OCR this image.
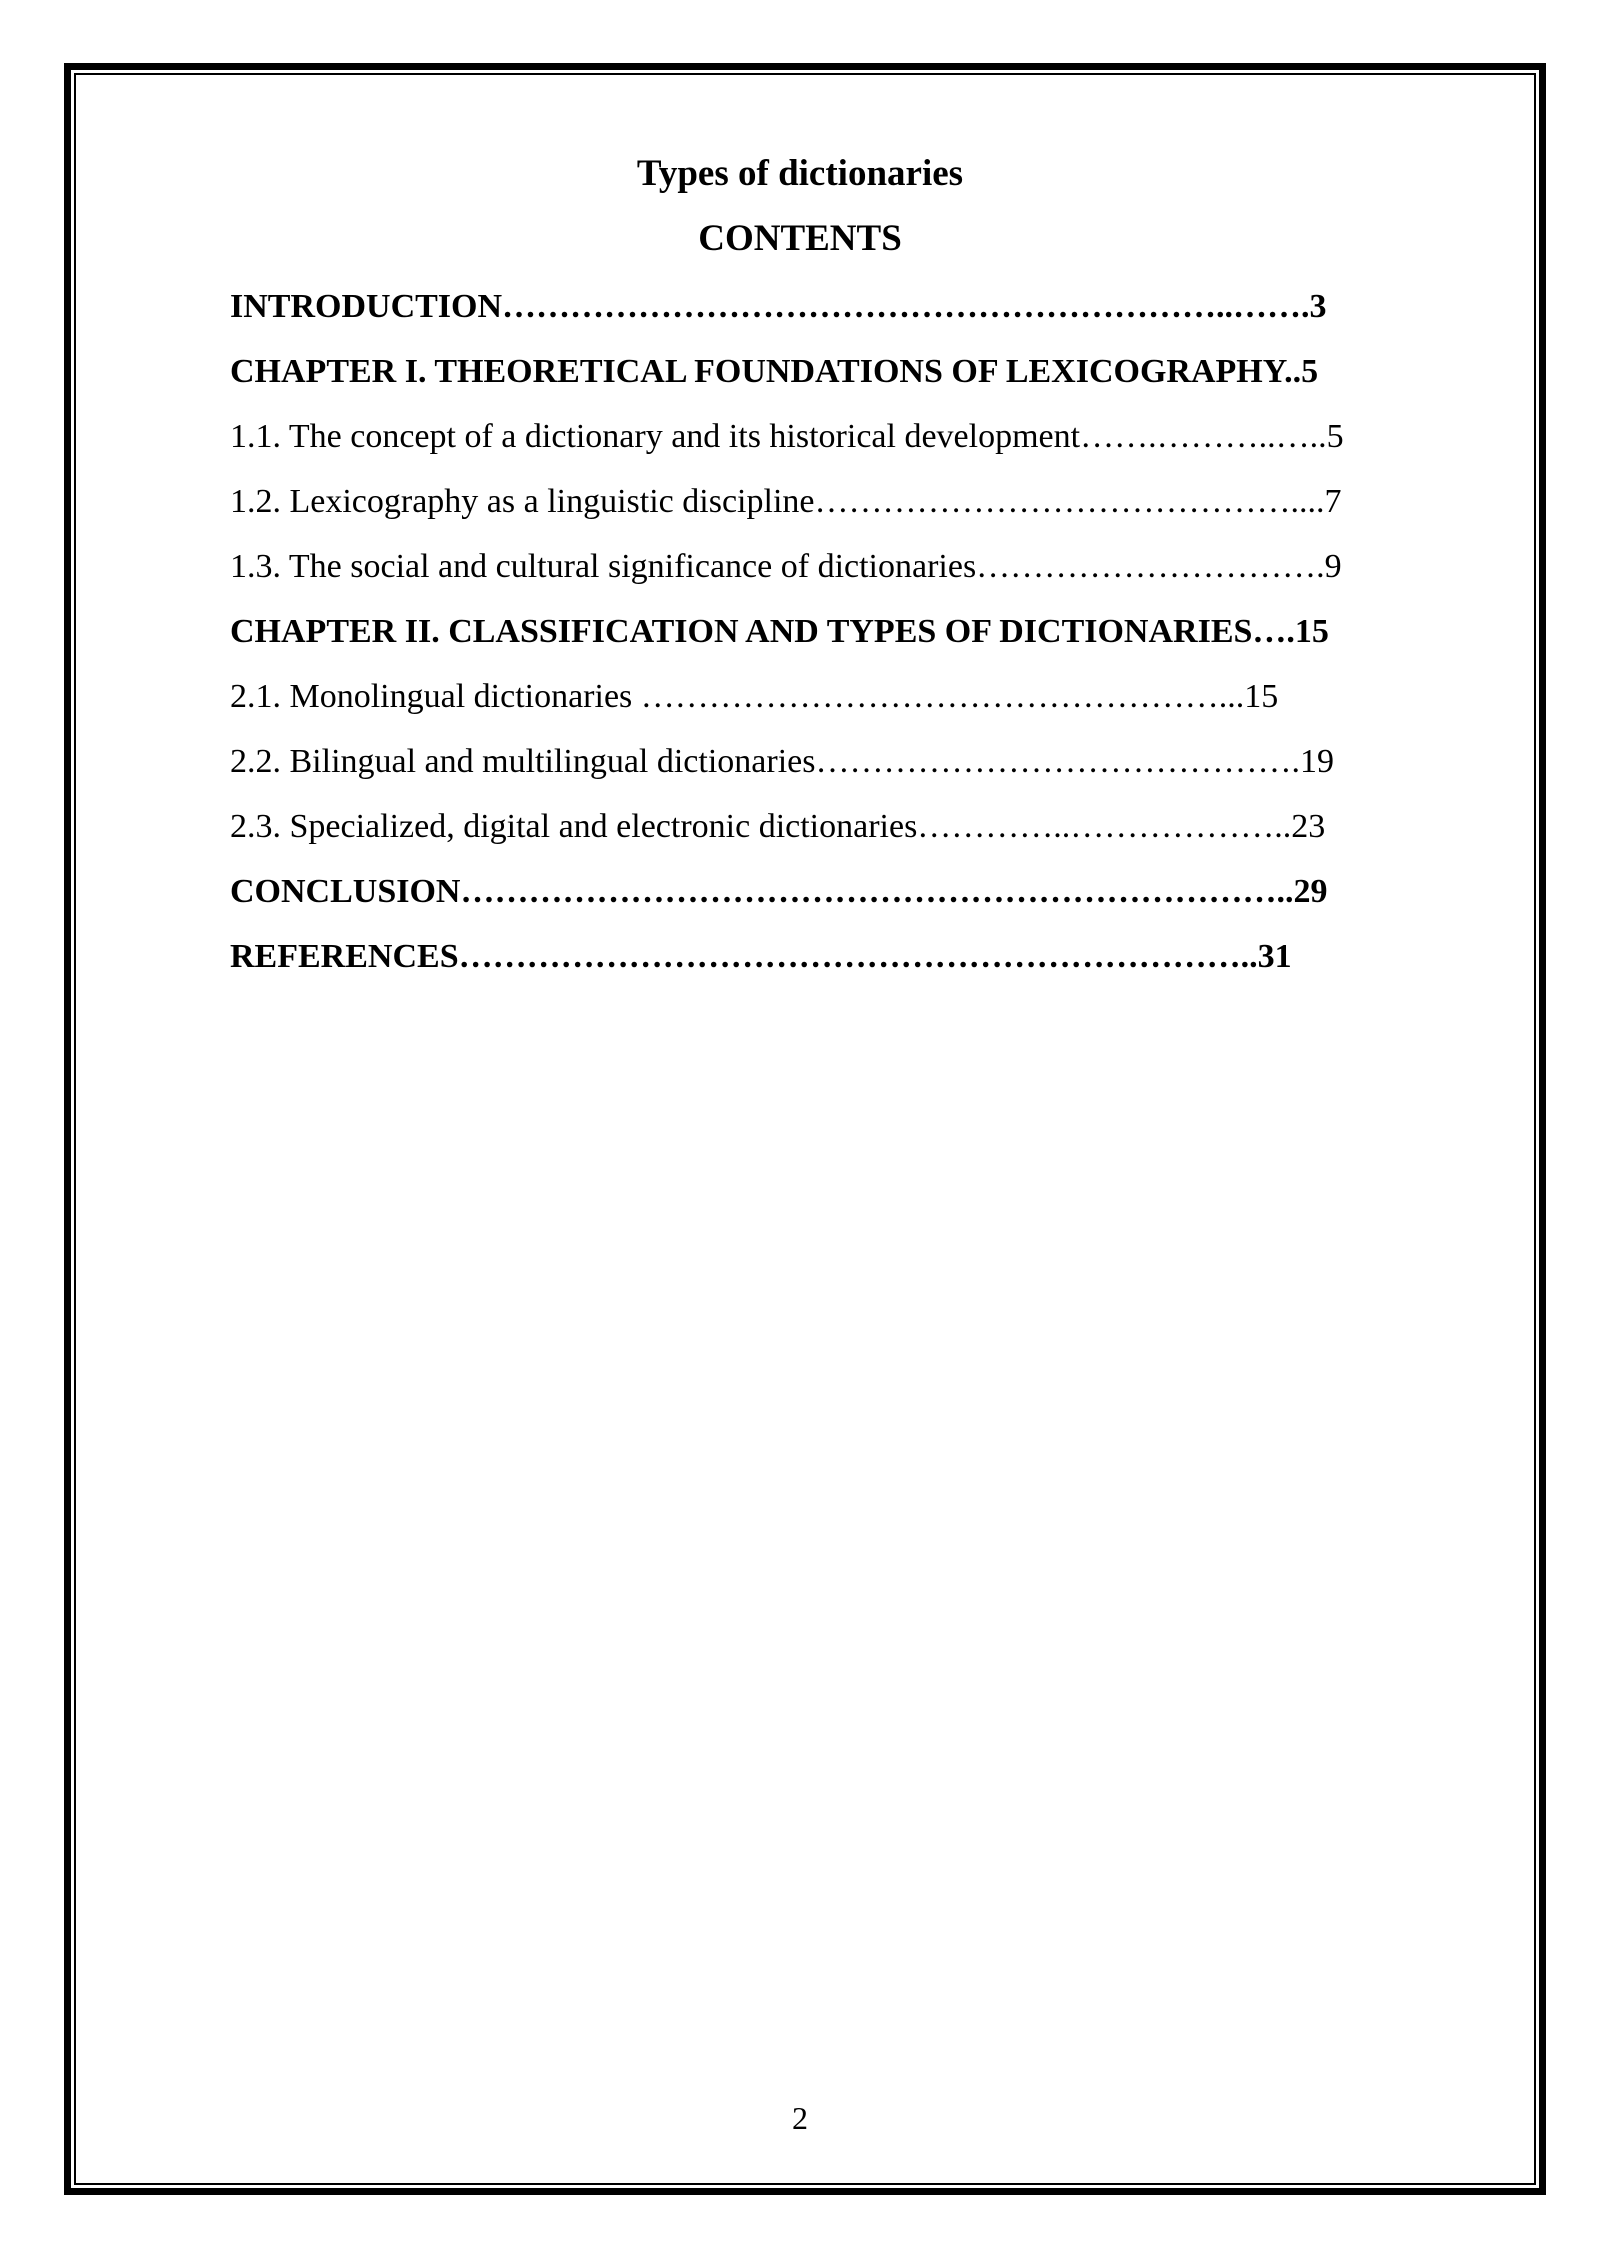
Types of dictionaries
CONTENTS
INTRODUCTION………………………………………………………..…….3
CHAPTER I. THEORETICAL FOUNDATIONS OF LEXICOGRAPHY..5
1.1. The concept of a dictionary and its historical development…….………..…..5
1.2. Lexicography as a linguistic discipline……………………………………....7
1.3. The social and cultural significance of dictionaries………………………….9
CHAPTER II. CLASSIFICATION AND TYPES OF DICTIONARIES….15
2.1. Monolingual dictionaries ……………………………………………...15
2.2. Bilingual and multilingual dictionaries…………………………………….19
2.3. Specialized, digital and electronic dictionaries…………..………………..23
CONCLUSION………………………………………………………………..29
REFERENCES……………………………………………………………..31
2
